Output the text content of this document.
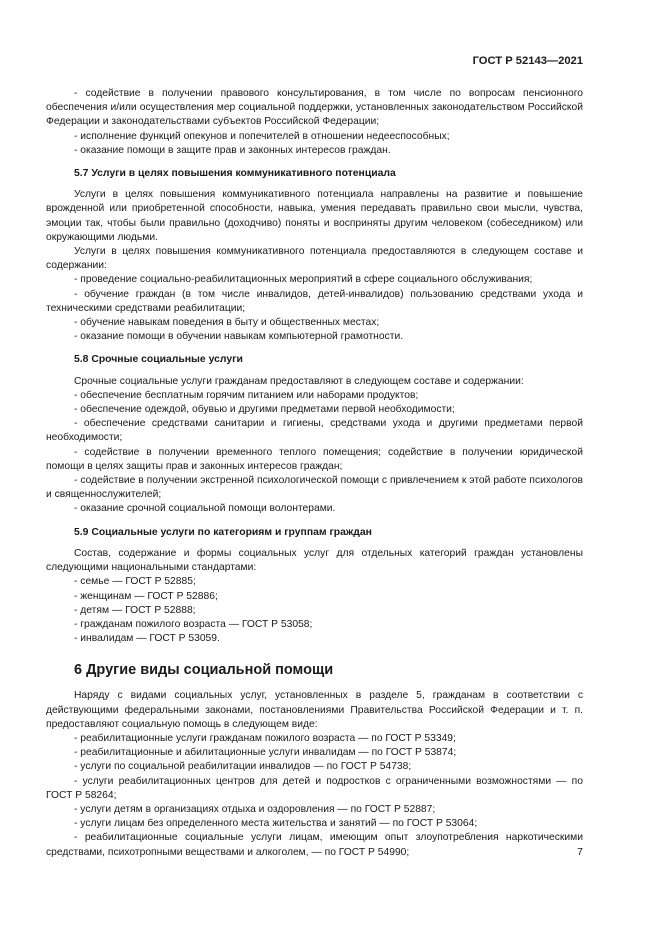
ГОСТ Р 52143—2021

- содействие в получении правового консультирования, в том числе по вопросам пенсионного обеспечения и/или осуществления мер социальной поддержки, установленных законодательством Российской Федерации и законодательствами субъектов Российской Федерации;

- исполнение функций опекунов и попечителей в отношении недееспособных;

- оказание помощи в защите прав и законных интересов граждан.

5.7 Услуги в целях повышения коммуникативного потенциала

Услуги в целях повышения коммуникативного потенциала направлены на развитие и повышение врожденной или приобретенной способности, навыка, умения передавать правильно свои мысли, чувства, эмоции так, чтобы были правильно (доходчиво) поняты и восприняты другим человеком (собеседником) или окружающими людьми.

Услуги в целях повышения коммуникативного потенциала предоставляются в следующем составе и содержании:

- проведение социально-реабилитационных мероприятий в сфере социального обслуживания;

- обучение граждан (в том числе инвалидов, детей-инвалидов) пользованию средствами ухода и техническими средствами реабилитации;

- обучение навыкам поведения в быту и общественных местах;

- оказание помощи в обучении навыкам компьютерной грамотности.

5.8 Срочные социальные услуги

Срочные социальные услуги гражданам предоставляют в следующем составе и содержании:

- обеспечение бесплатным горячим питанием или наборами продуктов;

- обеспечение одеждой, обувью и другими предметами первой необходимости;

- обеспечение средствами санитарии и гигиены, средствами ухода и другими предметами первой необходимости;

- содействие в получении временного теплого помещения; содействие в получении юридической помощи в целях защиты прав и законных интересов граждан;

- содействие в получении экстренной психологической помощи с привлечением к этой работе психологов и священнослужителей;

- оказание срочной социальной помощи волонтерами.

5.9 Социальные услуги по категориям и группам граждан

Состав, содержание и формы социальных услуг для отдельных категорий граждан установлены следующими национальными стандартами:

- семье — ГОСТ Р 52885;

- женщинам — ГОСТ Р 52886;

- детям — ГОСТ Р 52888;

- гражданам пожилого возраста — ГОСТ Р 53058;

- инвалидам — ГОСТ Р 53059.

6 Другие виды социальной помощи

Наряду с видами социальных услуг, установленных в разделе 5, гражданам в соответствии с действующими федеральными законами, постановлениями Правительства Российской Федерации и т. п. предоставляют социальную помощь в следующем виде:

- реабилитационные услуги гражданам пожилого возраста — по ГОСТ Р 53349;

- реабилитационные и абилитационные услуги инвалидам — по ГОСТ Р 53874;

- услуги по социальной реабилитации инвалидов — по ГОСТ Р 54738;

- услуги реабилитационных центров для детей и подростков с ограниченными возможностями — по ГОСТ Р 58264;

- услуги детям в организациях отдыха и оздоровления — по ГОСТ Р 52887;

- услуги лицам без определенного места жительства и занятий — по ГОСТ Р 53064;

- реабилитационные социальные услуги лицам, имеющим опыт злоупотребления наркотическими средствами, психотропными веществами и алкоголем, — по ГОСТ Р 54990;	7
